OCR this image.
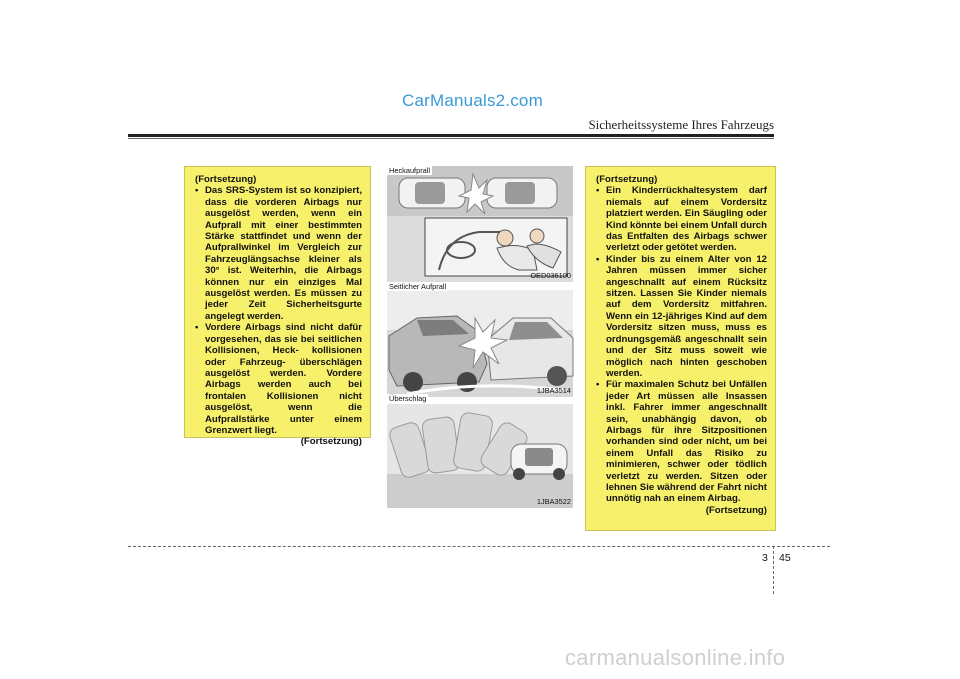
CarManuals2.com
Sicherheitssysteme Ihres Fahrzeugs
(Fortsetzung)
• Das SRS-System ist so konzipiert, dass die vorderen Airbags nur ausgelöst werden, wenn ein Aufprall mit einer bestimmten Stärke stattfindet und wenn der Aufprallwinkel im Vergleich zur Fahrzeuglängsachse kleiner als 30° ist. Weiterhin, die Airbags können nur ein einziges Mal ausgelöst werden. Es müssen zu jeder Zeit Sicherheitsgurte angelegt werden.
• Vordere Airbags sind nicht dafür vorgesehen, das sie bei seitlichen Kollisionen, Heck- kollisionen oder Fahrzeug- überschlägen ausgelöst werden. Vordere Airbags werden auch bei frontalen Kollisionen nicht ausgelöst, wenn die Aufprallstärke unter einem Grenzwert liegt.
(Fortsetzung)
Heckaufprall
OED036100
Seitlicher Aufprall
1JBA3514
Überschlag
1JBA3522
(Fortsetzung)
• Ein Kinderrückhaltesystem darf niemals auf einem Vordersitz platziert werden. Ein Säugling oder Kind könnte bei einem Unfall durch das Entfalten des Airbags schwer verletzt oder getötet werden.
• Kinder bis zu einem Alter von 12 Jahren müssen immer sicher angeschnallt auf einem Rücksitz sitzen. Lassen Sie Kinder niemals auf dem Vordersitz mitfahren. Wenn ein 12-jähriges Kind auf dem Vordersitz sitzen muss, muss es ordnungsgemäß angeschnallt sein und der Sitz muss soweit wie möglich nach hinten geschoben werden.
• Für maximalen Schutz bei Unfällen jeder Art müssen alle Insassen inkl. Fahrer immer angeschnallt sein, unabhängig davon, ob Airbags für ihre Sitzpositionen vorhanden sind oder nicht, um bei einem Unfall das Risiko zu minimieren, schwer oder tödlich verletzt zu werden. Sitzen oder lehnen Sie während der Fahrt nicht unnötig nah an einem Airbag.
(Fortsetzung)
3 45
carmanualsonline.info
